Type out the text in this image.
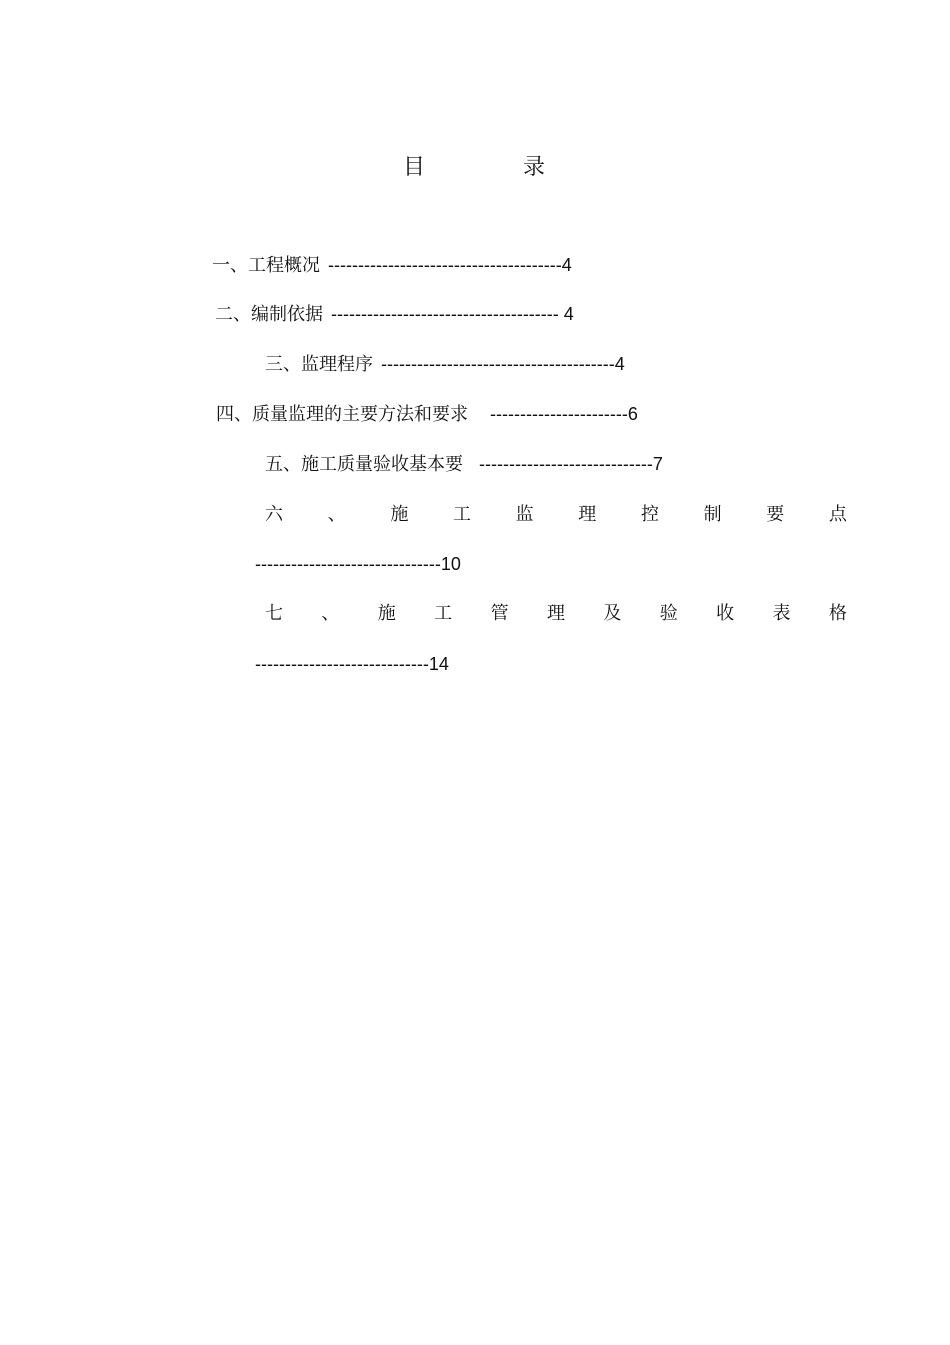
目	录
一、工程概况 ---------------------------------------4
二、编制依据 -------------------------------------- 4
三、监理程序 ---------------------------------------4
四、质量监理的主要方法和要求 -----------------------6
五、施工质量验收基本要 -----------------------------7
六 、 施 工 监 理 控 制 要 点
-------------------------------10
七 、 施 工 管 理 及 验 收 表 格
-----------------------------14
